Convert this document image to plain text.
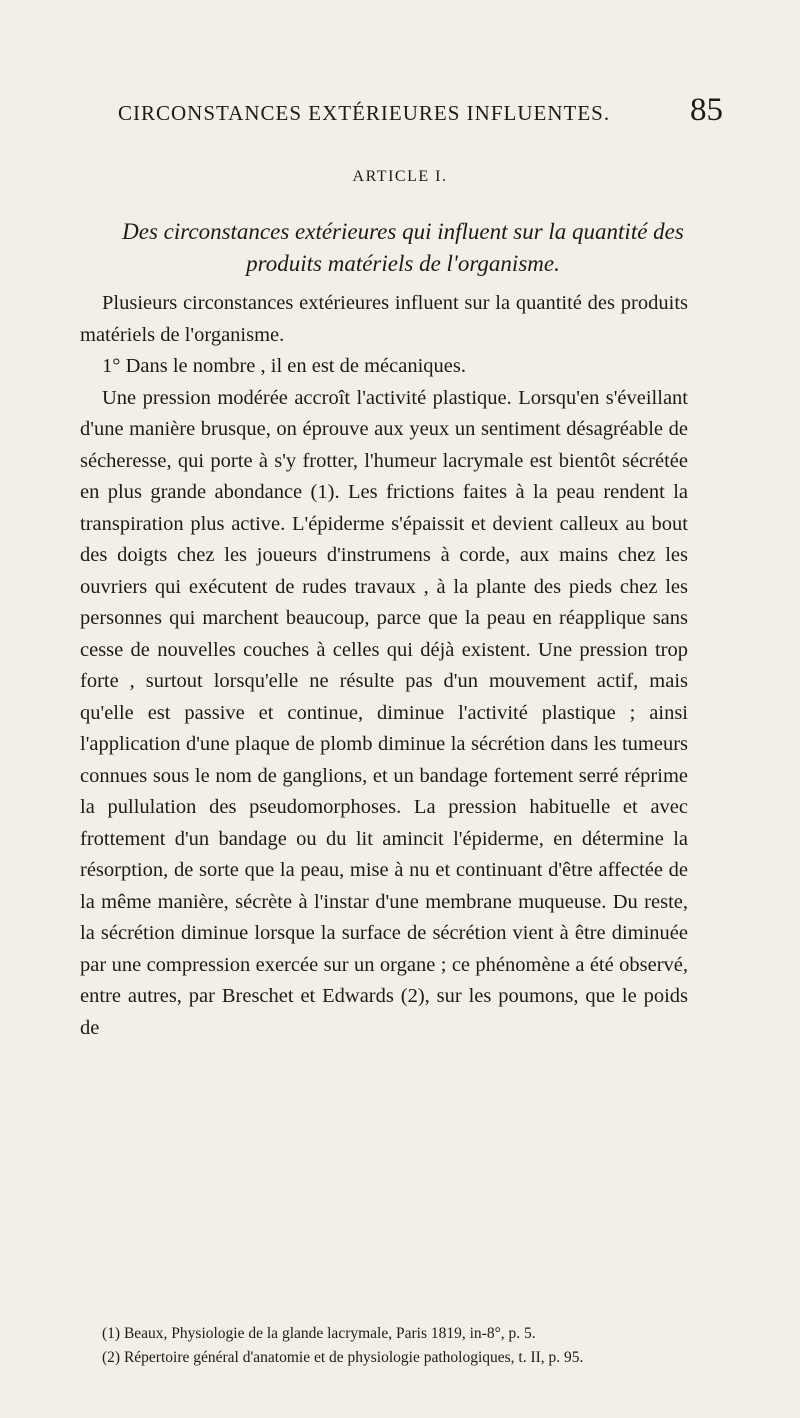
CIRCONSTANCES EXTÉRIEURES INFLUENTES. 85
ARTICLE I.
Des circonstances extérieures qui influent sur la quantité des produits matériels de l'organisme.

Plusieurs circonstances extérieures influent sur la quantité des produits matériels de l'organisme.

1° Dans le nombre , il en est de mécaniques.

Une pression modérée accroît l'activité plastique. Lorsqu'en s'éveillant d'une manière brusque, on éprouve aux yeux un sentiment désagréable de sécheresse, qui porte à s'y frotter, l'humeur lacrymale est bientôt sécrétée en plus grande abondance (1). Les frictions faites à la peau rendent la transpiration plus active. L'épiderme s'épaissit et devient calleux au bout des doigts chez les joueurs d'instrumens à corde, aux mains chez les ouvriers qui exécutent de rudes travaux , à la plante des pieds chez les personnes qui marchent beaucoup, parce que la peau en réapplique sans cesse de nouvelles couches à celles qui déjà existent. Une pression trop forte , surtout lorsqu'elle ne résulte pas d'un mouvement actif, mais qu'elle est passive et continue, diminue l'activité plastique ; ainsi l'application d'une plaque de plomb diminue la sécrétion dans les tumeurs connues sous le nom de ganglions, et un bandage fortement serré réprime la pullulation des pseudomorphoses. La pression habituelle et avec frottement d'un bandage ou du lit amincit l'épiderme, en détermine la résorption, de sorte que la peau, mise à nu et continuant d'être affectée de la même manière, sécrète à l'instar d'une membrane muqueuse. Du reste, la sécrétion diminue lorsque la surface de sécrétion vient à être diminuée par une compression exercée sur un organe ; ce phénomène a été observé, entre autres, par Breschet et Edwards (2), sur les poumons, que le poids de

(1) Beaux, Physiologie de la glande lacrymale, Paris 1819, in-8°, p. 5.

(2) Répertoire général d'anatomie et de physiologie pathologiques, t. II, p. 95.
